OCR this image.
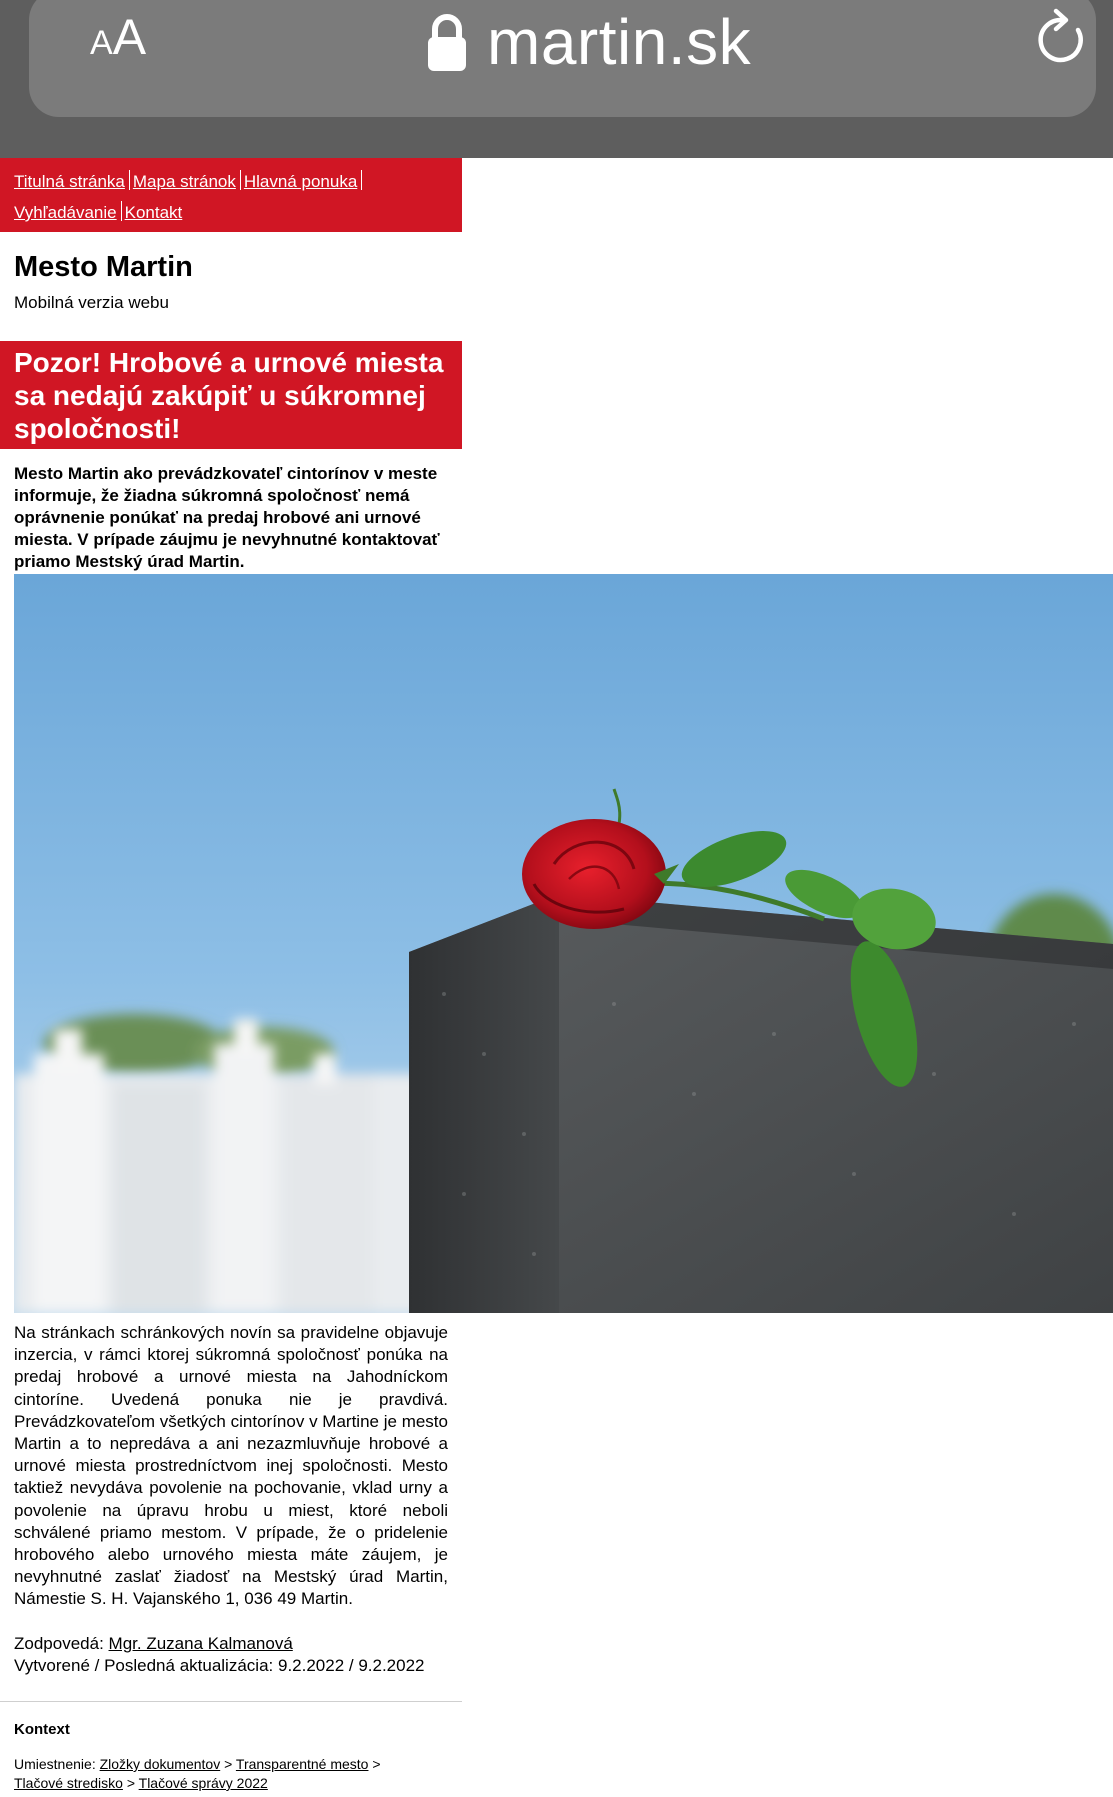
AA	martin.sk
Titulná stránka Mapa stránok Hlavná ponukaVyhľadávanie Kontakt
Mesto Martin
Mobilná verzia webu
Pozor! Hrobové a urnové miesta sa nedajú zakúpiť u súkromnej spoločnosti!
Mesto Martin ako prevádzkovateľ cintorínov v meste informuje, že žiadna súkromná spoločnosť nemá oprávnenie ponúkať na predaj hrobové ani urnové miesta. V prípade záujmu je nevyhnutné kontaktovať priamo Mestský úrad Martin.
Na stránkach schránkových novín sa pravidelne objavuje inzercia, v rámci ktorej súkromná spoločnosť ponúka na predaj hrobové a urnové miesta na Jahodníckom cintoríne. Uvedená ponuka nie je pravdivá. Prevádzkovateľom všetkých cintorínov v Martine je mesto Martin a to nepredáva a ani nezazmluvňuje hrobové a urnové miesta prostredníctvom inej spoločnosti. Mesto taktiež nevydáva povolenie na pochovanie, vklad urny a povolenie na úpravu hrobu u miest, ktoré neboli schválené priamo mestom. V prípade, že o pridelenie hrobového alebo urnového miesta máte záujem, je nevyhnutné zaslať žiadosť na Mestský úrad Martin, Námestie S. H. Vajanského 1, 036 49 Martin.
Zodpovedá: Mgr. Zuzana Kalmanová
Vytvorené / Posledná aktualizácia: 9.2.2022 / 9.2.2022
Kontext
Umiestnenie: Zložky dokumentov > Transparentné mesto >
Tlačové stredisko > Tlačové správy 2022
